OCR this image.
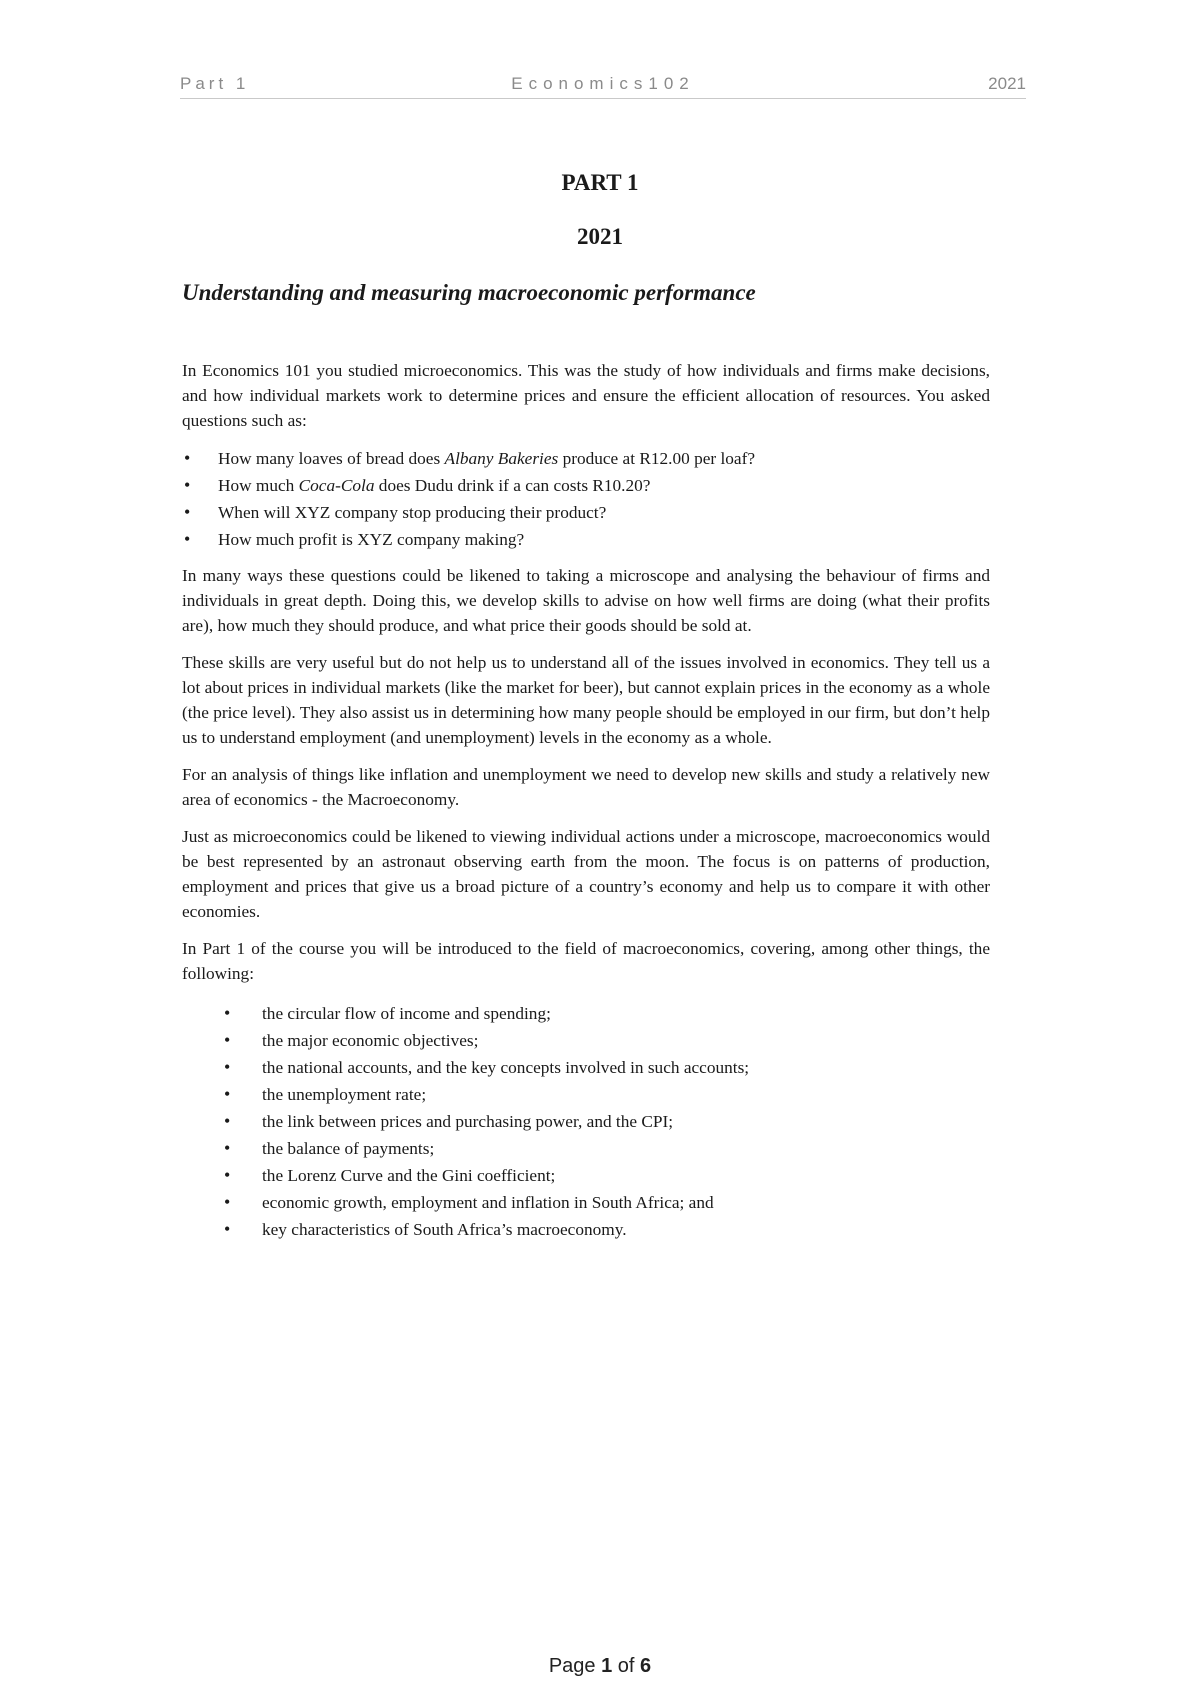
Part 1	Economics102	2021
PART 1
2021
Understanding and measuring macroeconomic performance

In Economics 101 you studied microeconomics. This was the study of how individuals and firms make decisions, and how individual markets work to determine prices and ensure the efficient allocation of resources. You asked questions such as:

• How many loaves of bread does Albany Bakeries produce at R12.00 per loaf?
• How much Coca-Cola does Dudu drink if a can costs R10.20?
• When will XYZ company stop producing their product?
• How much profit is XYZ company making?

In many ways these questions could be likened to taking a microscope and analysing the behaviour of firms and individuals in great depth. Doing this, we develop skills to advise on how well firms are doing (what their profits are), how much they should produce, and what price their goods should be sold at.

These skills are very useful but do not help us to understand all of the issues involved in economics. They tell us a lot about prices in individual markets (like the market for beer), but cannot explain prices in the economy as a whole (the price level). They also assist us in determining how many people should be employed in our firm, but don’t help us to understand employment (and unemployment) levels in the economy as a whole.

For an analysis of things like inflation and unemployment we need to develop new skills and study a relatively new area of economics - the Macroeconomy.

Just as microeconomics could be likened to viewing individual actions under a microscope, macroeconomics would be best represented by an astronaut observing earth from the moon. The focus is on patterns of production, employment and prices that give us a broad picture of a country’s economy and help us to compare it with other economies.

In Part 1 of the course you will be introduced to the field of macroeconomics, covering, among other things, the following:

• the circular flow of income and spending;
• the major economic objectives;
• the national accounts, and the key concepts involved in such accounts;
• the unemployment rate;
• the link between prices and purchasing power, and the CPI;
• the balance of payments;
• the Lorenz Curve and the Gini coefficient;
• economic growth, employment and inflation in South Africa; and
• key characteristics of South Africa’s macroeconomy.
Page 1 of 6
